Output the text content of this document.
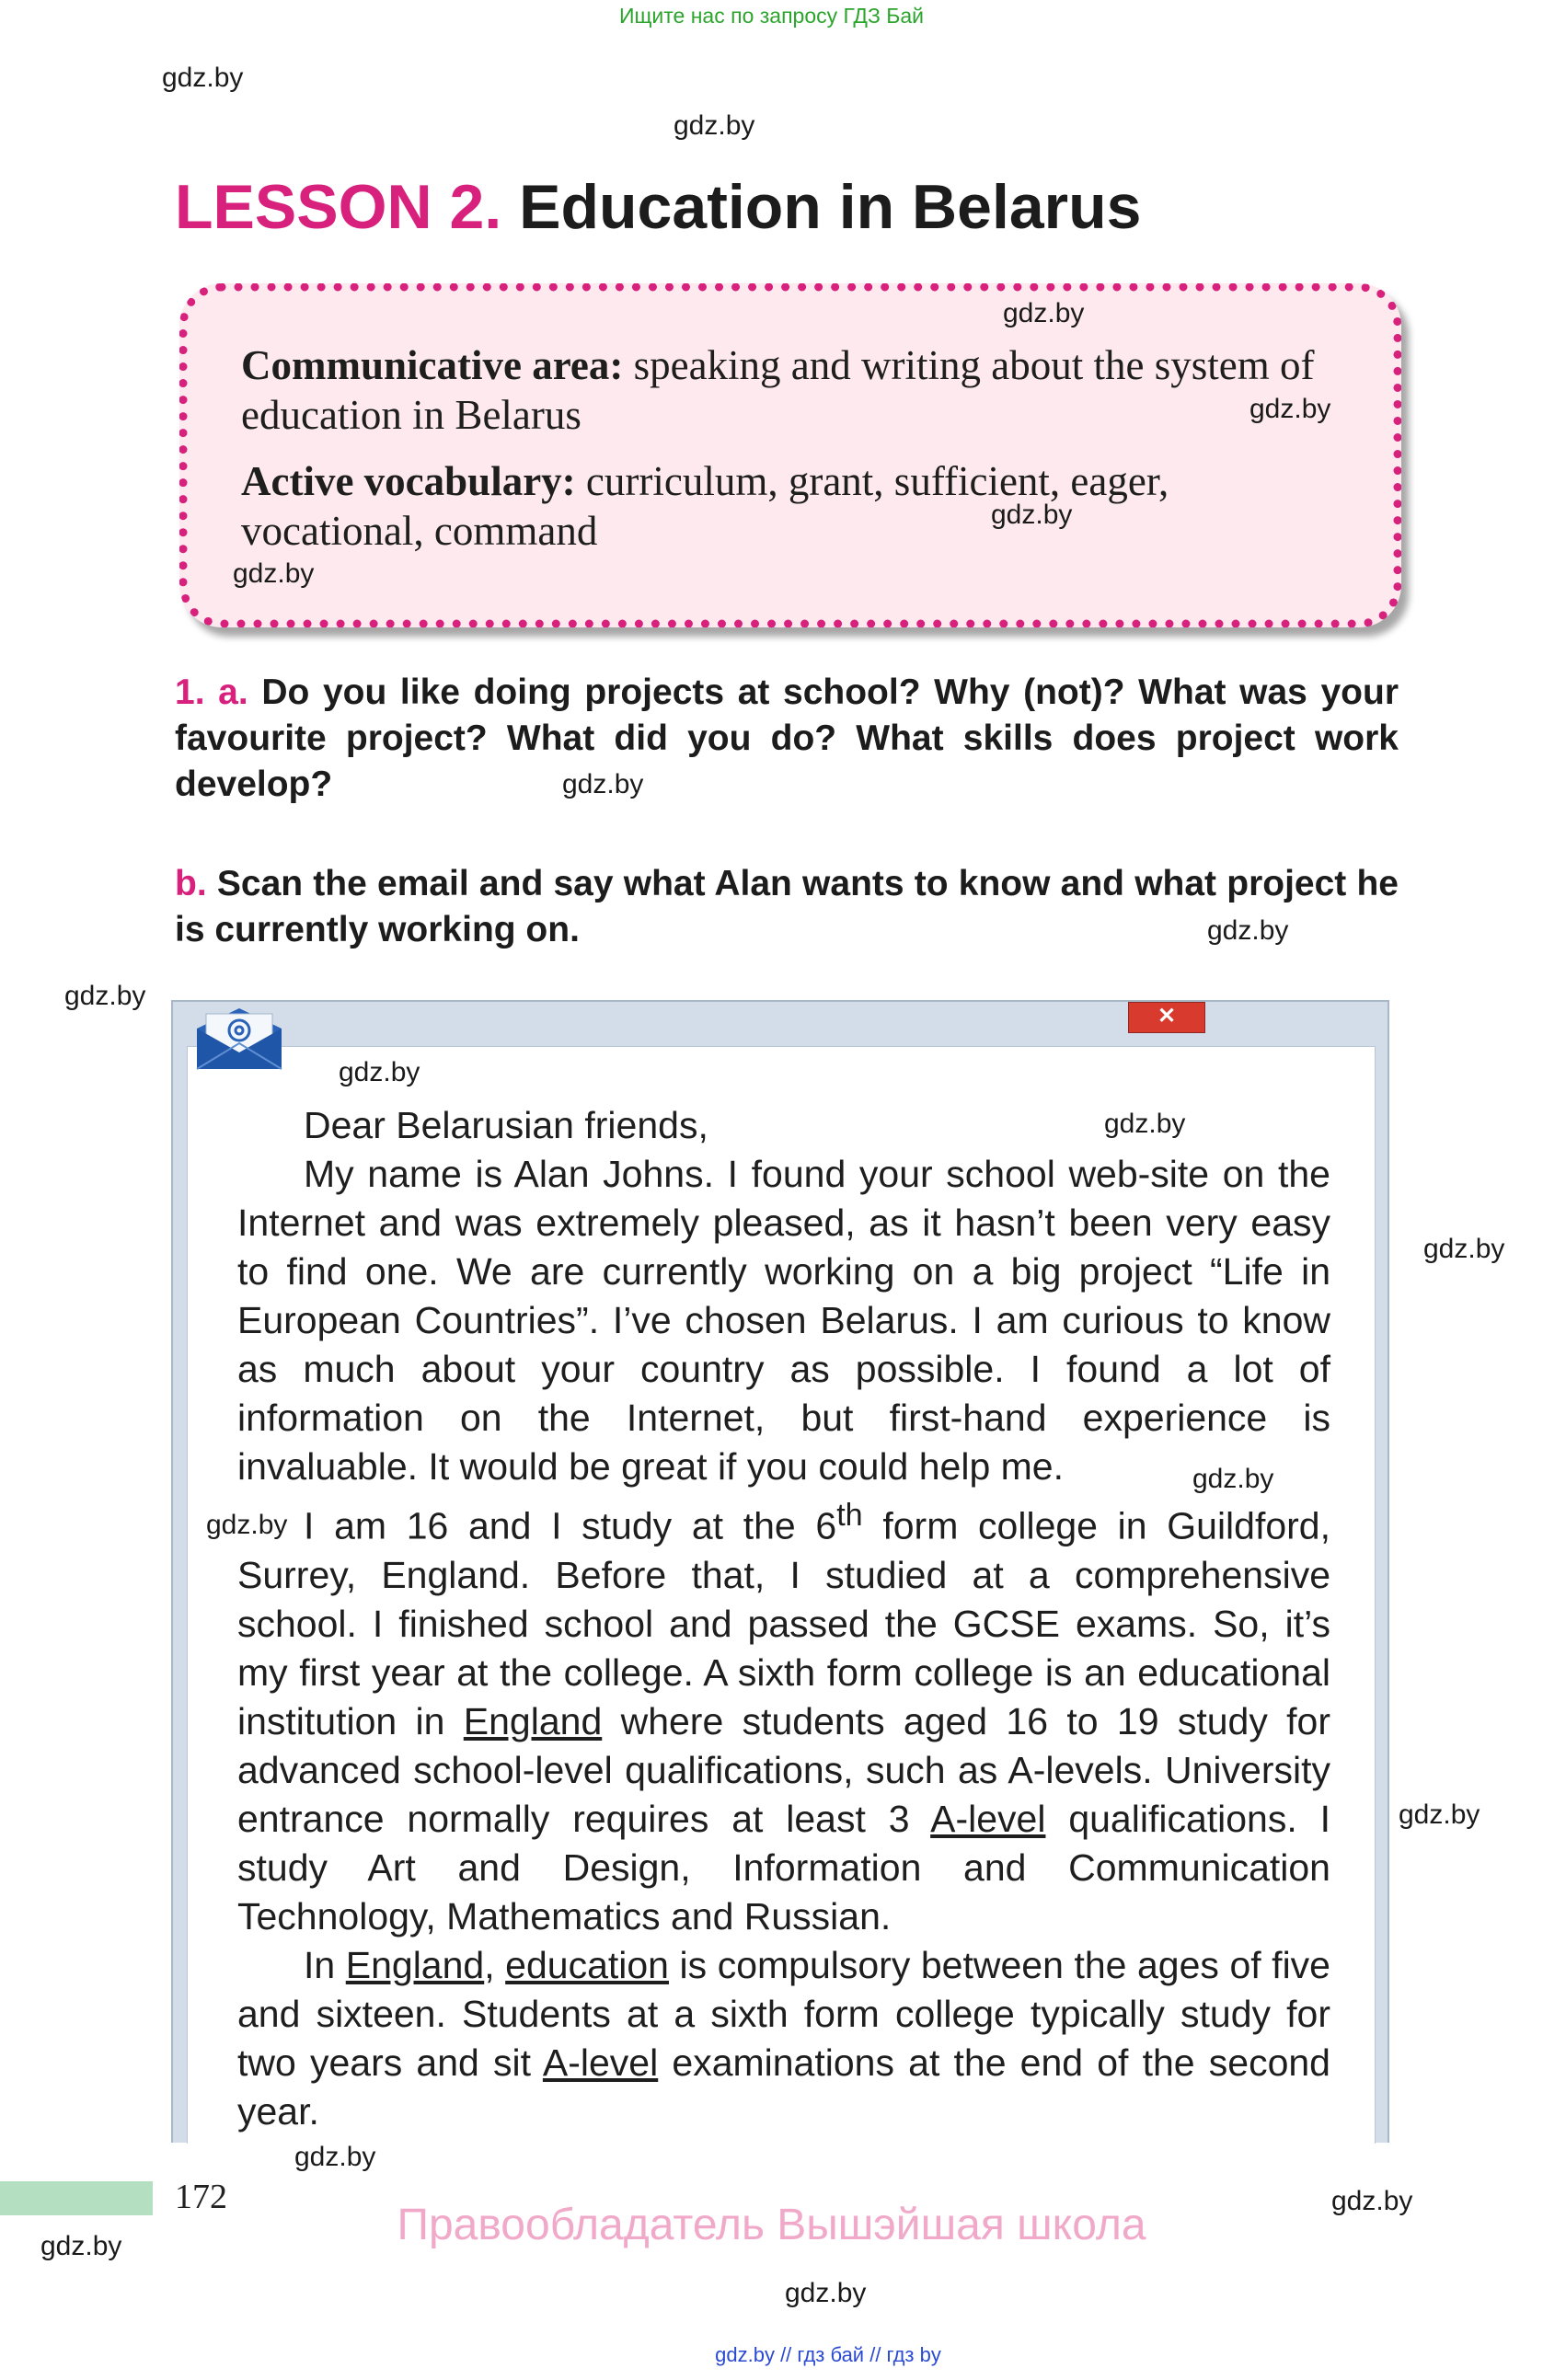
Ищите нас по запросу ГДЗ Бай
LESSON 2. Education in Belarus
Communicative area: speaking and writing about the system of education in Belarus
Active vocabulary: curriculum, grant, sufficient, eager, vocational, command
1. a. Do you like doing projects at school? Why (not)? What was your favourite project? What did you do? What skills does project work develop?
b. Scan the email and say what Alan wants to know and what project he is currently working on.
✕

Dear Belarusian friends,

My name is Alan Johns. I found your school web-site on the Internet and was extremely pleased, as it hasn’t been very easy to find one. We are currently working on a big project “Life in European Countries”. I’ve chosen Belarus. I am curious to know as much about your country as possible. I found a lot of information on the Internet, but first-hand experience is invaluable. It would be great if you could help me.

I am 16 and I study at the 6th form college in Guildford, Surrey, England. Before that, I studied at a comprehensive school. I finished school and passed the GCSE exams. So, it’s my first year at the college. A sixth form college is an educational institution in England where students aged 16 to 19 study for advanced school-level qualifications, such as A-levels. University entrance normally requires at least 3 A-level qualifications. I study Art and Design, Information and Communication Technology, Mathematics and Russian.

In England, education is compulsory between the ages of five and sixteen. Students at a sixth form college typically study for two years and sit A-level examinations at the end of the second year.

gdz.by
gdz.by
gdz.by
gdz.by
gdz.by
gdz.by
gdz.by
gdz.by
gdz.by
gdz.by
gdz.by
gdz.by
gdz.by
gdz.by
gdz.by
gdz.by
gdz.by
gdz.by
gdz.by
172
Правообладатель Вышэйшая школа
gdz.by // гдз бай // гдз by
